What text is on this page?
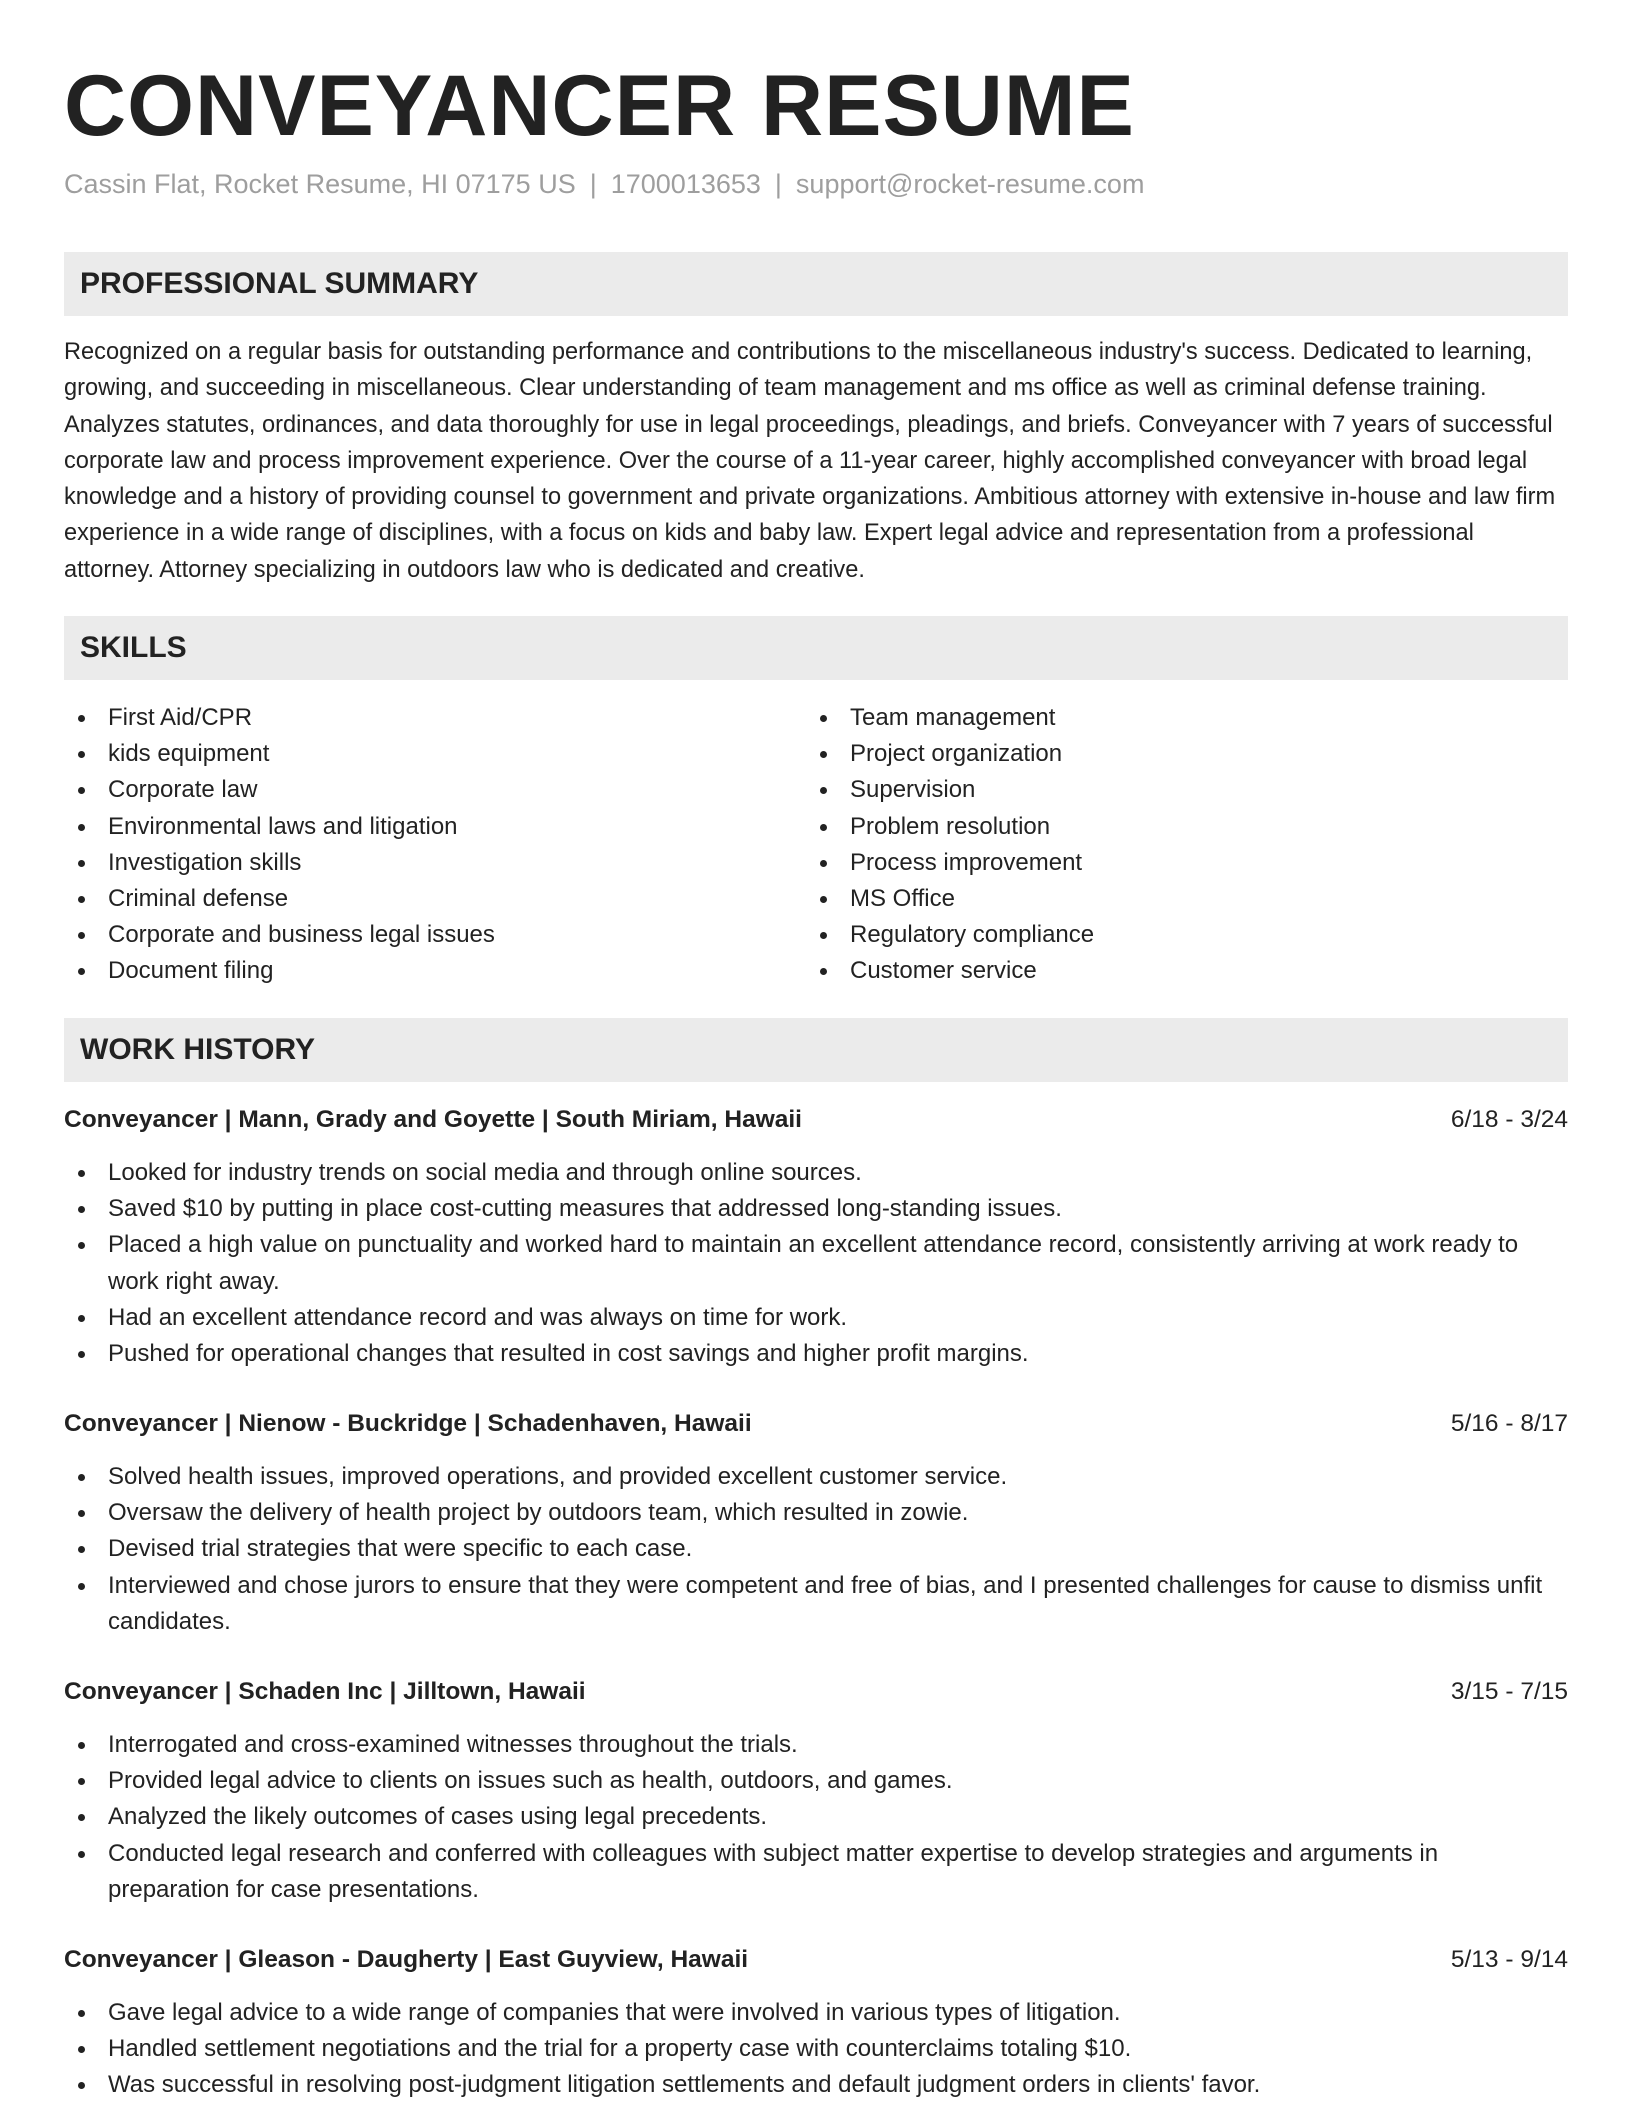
CONVEYANCER RESUME
Cassin Flat, Rocket Resume, HI 07175 US | 1700013653 | support@rocket-resume.com
PROFESSIONAL SUMMARY

Recognized on a regular basis for outstanding performance and contributions to the miscellaneous industry's success. Dedicated to learning, growing, and succeeding in miscellaneous. Clear understanding of team management and ms office as well as criminal defense training. Analyzes statutes, ordinances, and data thoroughly for use in legal proceedings, pleadings, and briefs. Conveyancer with 7 years of successful corporate law and process improvement experience. Over the course of a 11-year career, highly accomplished conveyancer with broad legal knowledge and a history of providing counsel to government and private organizations. Ambitious attorney with extensive in-house and law firm experience in a wide range of disciplines, with a focus on kids and baby law. Expert legal advice and representation from a professional attorney. Attorney specializing in outdoors law who is dedicated and creative.

SKILLS
First Aid/CPR
kids equipment
Corporate law
Environmental laws and litigation
Investigation skills
Criminal defense
Corporate and business legal issues
Document filing
Team management
Project organization
Supervision
Problem resolution
Process improvement
MS Office
Regulatory compliance
Customer service
WORK HISTORY
Conveyancer | Mann, Grady and Goyette | South Miriam, Hawaii	6/18 - 3/24
Looked for industry trends on social media and through online sources.
Saved $10 by putting in place cost-cutting measures that addressed long-standing issues.
Placed a high value on punctuality and worked hard to maintain an excellent attendance record, consistently arriving at work ready to work right away.
Had an excellent attendance record and was always on time for work.
Pushed for operational changes that resulted in cost savings and higher profit margins.
Conveyancer | Nienow - Buckridge | Schadenhaven, Hawaii	5/16 - 8/17
Solved health issues, improved operations, and provided excellent customer service.
Oversaw the delivery of health project by outdoors team, which resulted in zowie.
Devised trial strategies that were specific to each case.
Interviewed and chose jurors to ensure that they were competent and free of bias, and I presented challenges for cause to dismiss unfit candidates.
Conveyancer | Schaden Inc | Jilltown, Hawaii	3/15 - 7/15
Interrogated and cross-examined witnesses throughout the trials.
Provided legal advice to clients on issues such as health, outdoors, and games.
Analyzed the likely outcomes of cases using legal precedents.
Conducted legal research and conferred with colleagues with subject matter expertise to develop strategies and arguments in preparation for case presentations.
Conveyancer | Gleason - Daugherty | East Guyview, Hawaii	5/13 - 9/14
Gave legal advice to a wide range of companies that were involved in various types of litigation.
Handled settlement negotiations and the trial for a property case with counterclaims totaling $10.
Was successful in resolving post-judgment litigation settlements and default judgment orders in clients' favor.
